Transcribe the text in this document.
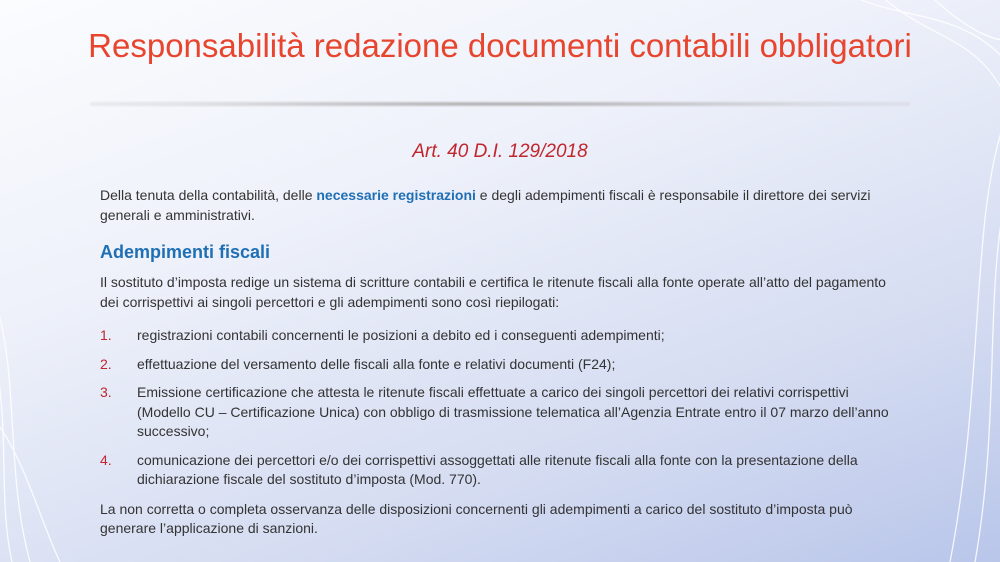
Responsabilità redazione documenti contabili obbligatori

Art. 40 D.I. 129/2018

Della tenuta della contabilità, delle necessarie registrazioni e degli adempimenti fiscali è responsabile il direttore dei servizi generali e amministrativi.

Adempimenti fiscali

Il sostituto d’imposta redige un sistema di scritture contabili e certifica le ritenute fiscali alla fonte operate all’atto del pagamento dei corrispettivi ai singoli percettori e gli adempimenti sono così riepilogati:

1. registrazioni contabili concernenti le posizioni a debito ed i conseguenti adempimenti;
2. effettuazione del versamento delle fiscali alla fonte e relativi documenti (F24);
3. Emissione certificazione che attesta le ritenute fiscali effettuate a carico dei singoli percettori dei relativi corrispettivi (Modello CU – Certificazione Unica) con obbligo di trasmissione telematica all’Agenzia Entrate entro il 07 marzo dell’anno successivo;
4. comunicazione dei percettori e/o dei corrispettivi assoggettati alle ritenute fiscali alla fonte con la presentazione della dichiarazione fiscale del sostituto d’imposta (Mod. 770).

La non corretta o completa osservanza delle disposizioni concernenti gli adempimenti a carico del sostituto d’imposta può generare l’applicazione di sanzioni.
